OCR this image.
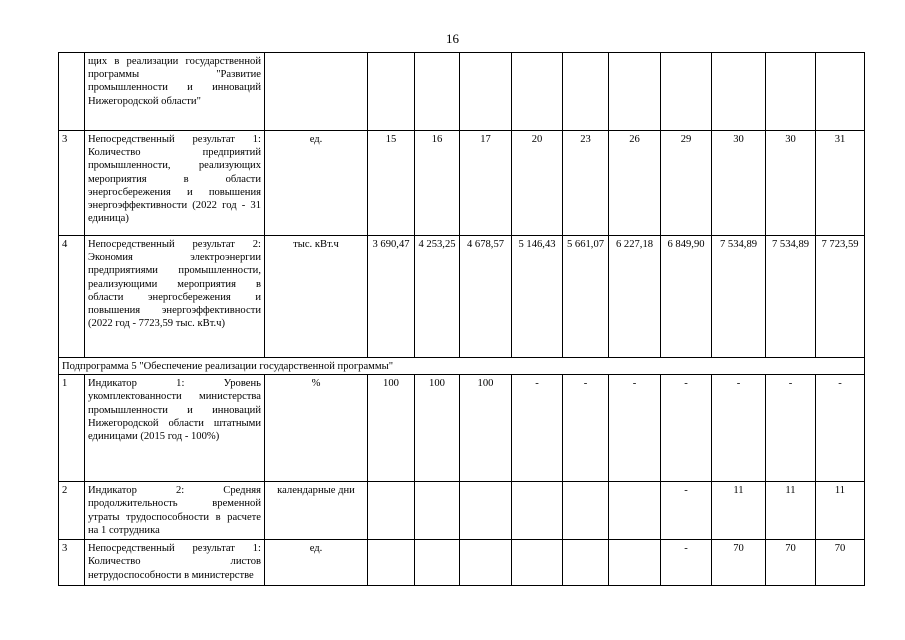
16
	щих в реализации государственной программы "Развитие промышленности и инноваций Нижегородской области"											
3	Непосредственный результат 1: Количество предприятий промышленности, реализующих мероприятия в области энергосбережения и повышения энергоэффективности (2022 год - 31 единица)	ед.	15	16	17	20	23	26	29	30	30	31
4	Непосредственный результат 2: Экономия электроэнергии предприятиями промышленности, реализующими мероприятия в области энергосбережения и повышения энергоэффективности (2022 год - 7723,59 тыс. кВт.ч)	тыс. кВт.ч	3 690,47	4 253,25	4 678,57	5 146,43	5 661,07	6 227,18	6 849,90	7 534,89	7 534,89	7 723,59
Подпрограмма 5 "Обеспечение реализации государственной программы"												
1	Индикатор 1: Уровень укомплектованности министерства промышленности и инноваций Нижегородской области штатными единицами (2015 год - 100%)	%	100	100	100	-	-	-	-	-	-	-
2	Индикатор 2: Средняя продолжительность временной утраты трудоспособности в расчете на 1 сотрудника	календарные дни							-	11	11	11
3	Непосредственный результат 1: Количество листов нетрудоспособности в министерстве	ед.							-	70	70	70
